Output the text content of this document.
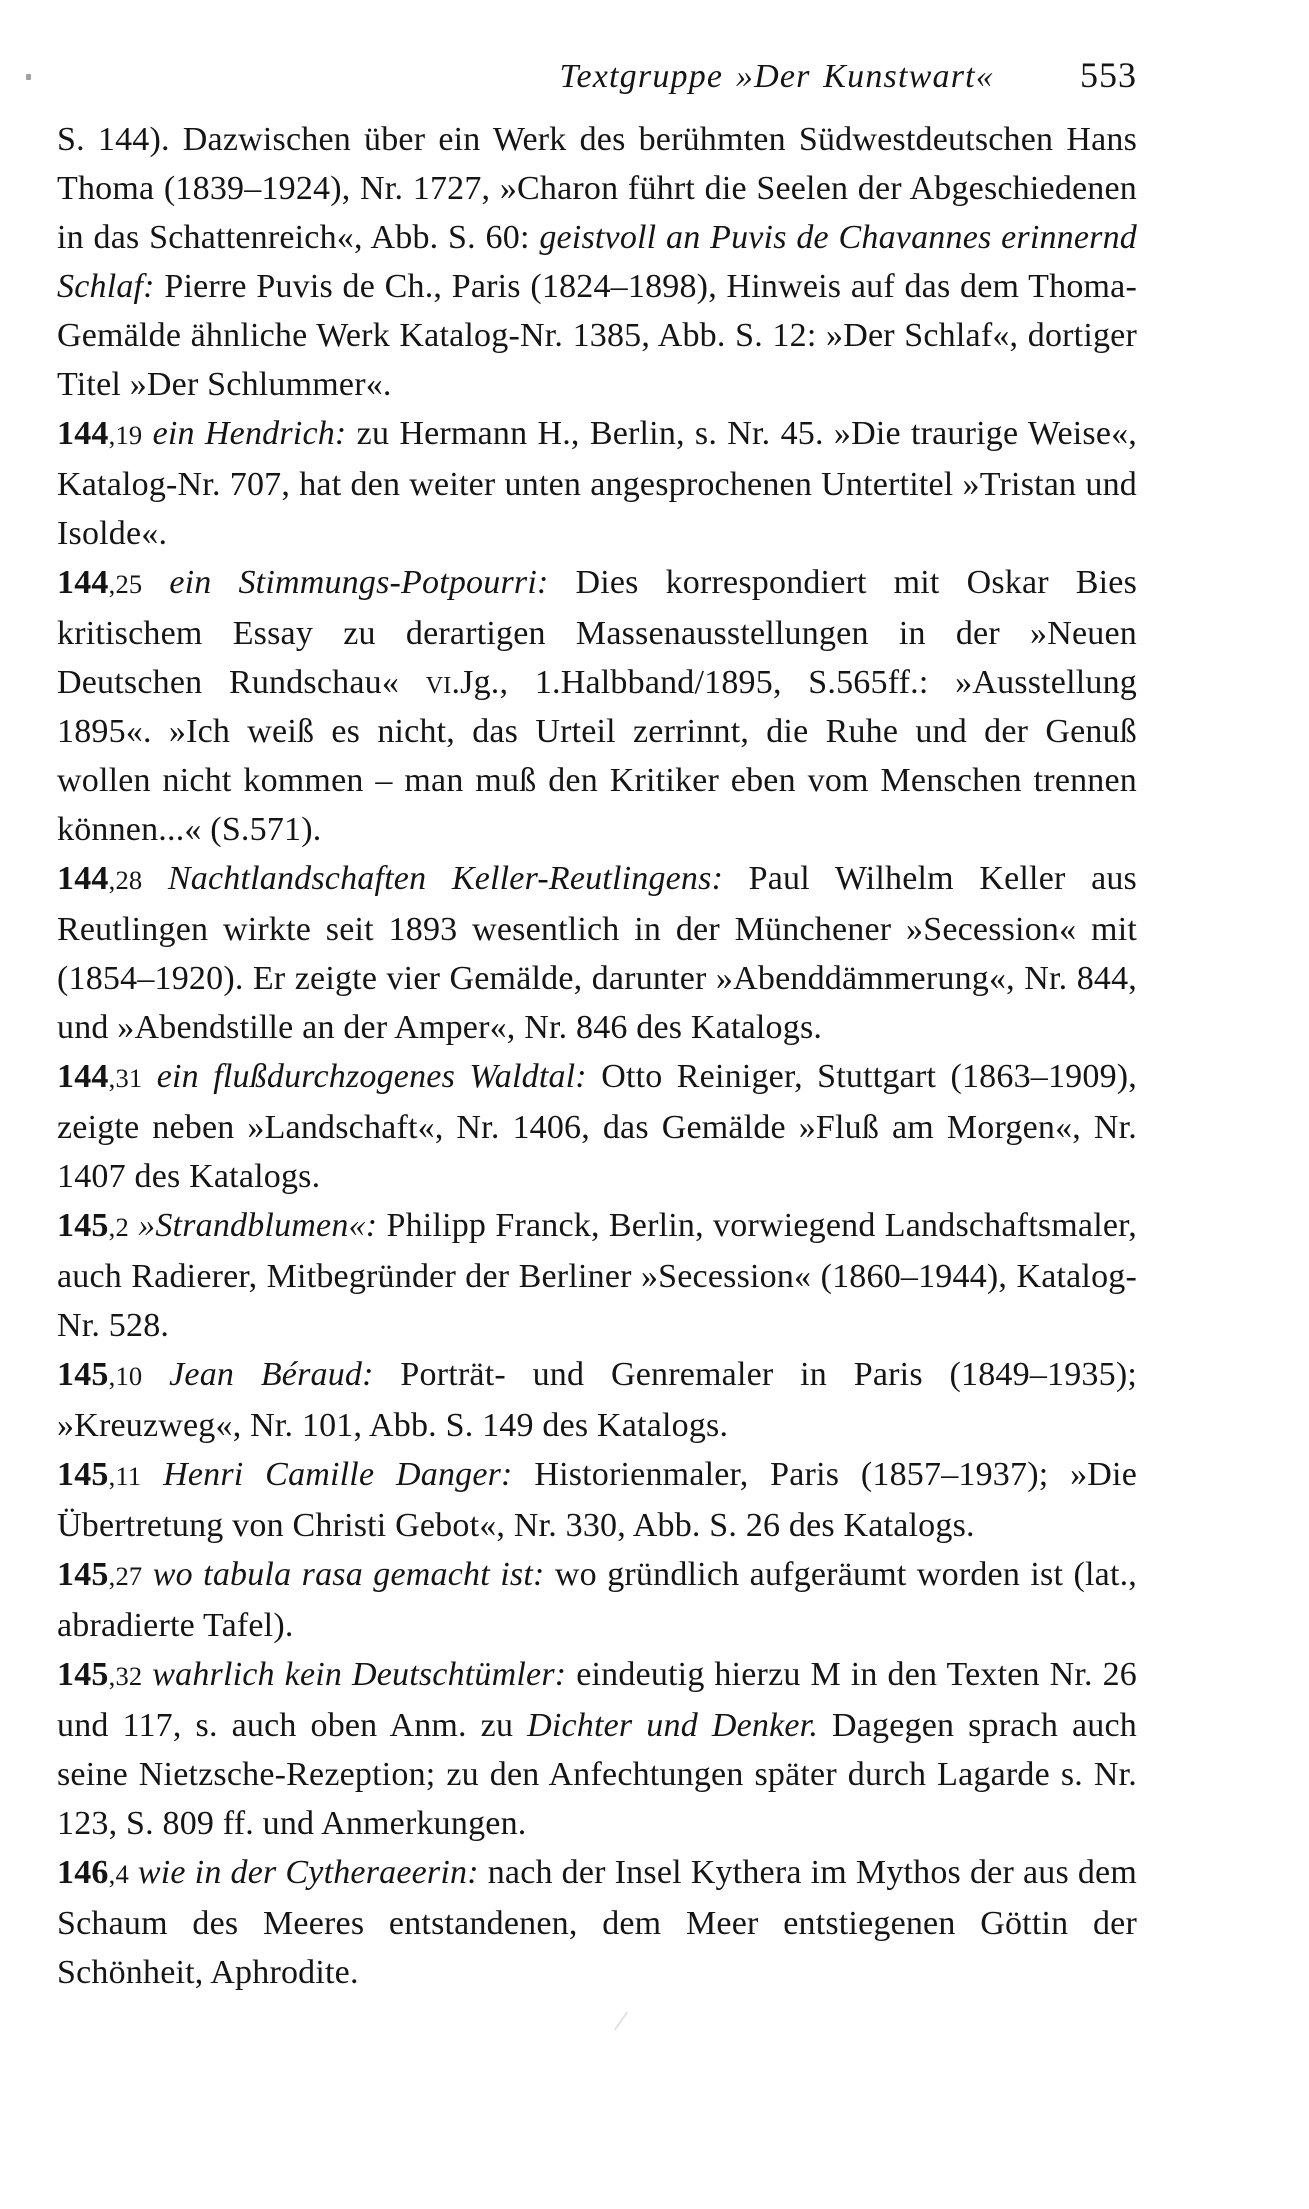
Textgruppe »Der Kunstwart« 553

S. 144). Dazwischen über ein Werk des berühmten Südwestdeutschen Hans Thoma (1839–1924), Nr. 1727, »Charon führt die Seelen der Abgeschiedenen in das Schattenreich«, Abb. S. 60: geistvoll an Puvis de Chavannes erinnernd Schlaf: Pierre Puvis de Ch., Paris (1824–1898), Hinweis auf das dem Thoma-Gemälde ähnliche Werk Katalog-Nr. 1385, Abb. S. 12: »Der Schlaf«, dortiger Titel »Der Schlummer«.

144,19 ein Hendrich: zu Hermann H., Berlin, s. Nr. 45. »Die traurige Weise«, Katalog-Nr. 707, hat den weiter unten angesprochenen Untertitel »Tristan und Isolde«.

144,25 ein Stimmungs-Potpourri: Dies korrespondiert mit Oskar Bies kritischem Essay zu derartigen Massenausstellungen in der »Neuen Deutschen Rundschau« vi.Jg., 1.Halbband/1895, S.565ff.: »Ausstellung 1895«. »Ich weiß es nicht, das Urteil zerrinnt, die Ruhe und der Genuß wollen nicht kommen – man muß den Kritiker eben vom Menschen trennen können...« (S.571).

144,28 Nachtlandschaften Keller-Reutlingens: Paul Wilhelm Keller aus Reutlingen wirkte seit 1893 wesentlich in der Münchener »Secession« mit (1854–1920). Er zeigte vier Gemälde, darunter »Abenddämmerung«, Nr. 844, und »Abendstille an der Amper«, Nr. 846 des Katalogs.

144,31 ein flußdurchzogenes Waldtal: Otto Reiniger, Stuttgart (1863–1909), zeigte neben »Landschaft«, Nr. 1406, das Gemälde »Fluß am Morgen«, Nr. 1407 des Katalogs.

145,2 »Strandblumen«: Philipp Franck, Berlin, vorwiegend Landschaftsmaler, auch Radierer, Mitbegründer der Berliner »Secession« (1860–1944), Katalog-Nr. 528.

145,10 Jean Béraud: Porträt- und Genremaler in Paris (1849–1935); »Kreuzweg«, Nr. 101, Abb. S. 149 des Katalogs.

145,11 Henri Camille Danger: Historienmaler, Paris (1857–1937); »Die Übertretung von Christi Gebot«, Nr. 330, Abb. S. 26 des Katalogs.

145,27 wo tabula rasa gemacht ist: wo gründlich aufgeräumt worden ist (lat., abradierte Tafel).

145,32 wahrlich kein Deutschtümler: eindeutig hierzu M in den Texten Nr. 26 und 117, s. auch oben Anm. zu Dichter und Denker. Dagegen sprach auch seine Nietzsche-Rezeption; zu den Anfechtungen später durch Lagarde s. Nr. 123, S. 809 ff. und Anmerkungen.

146,4 wie in der Cytheraeerin: nach der Insel Kythera im Mythos der aus dem Schaum des Meeres entstandenen, dem Meer entstiegenen Göttin der Schönheit, Aphrodite.
